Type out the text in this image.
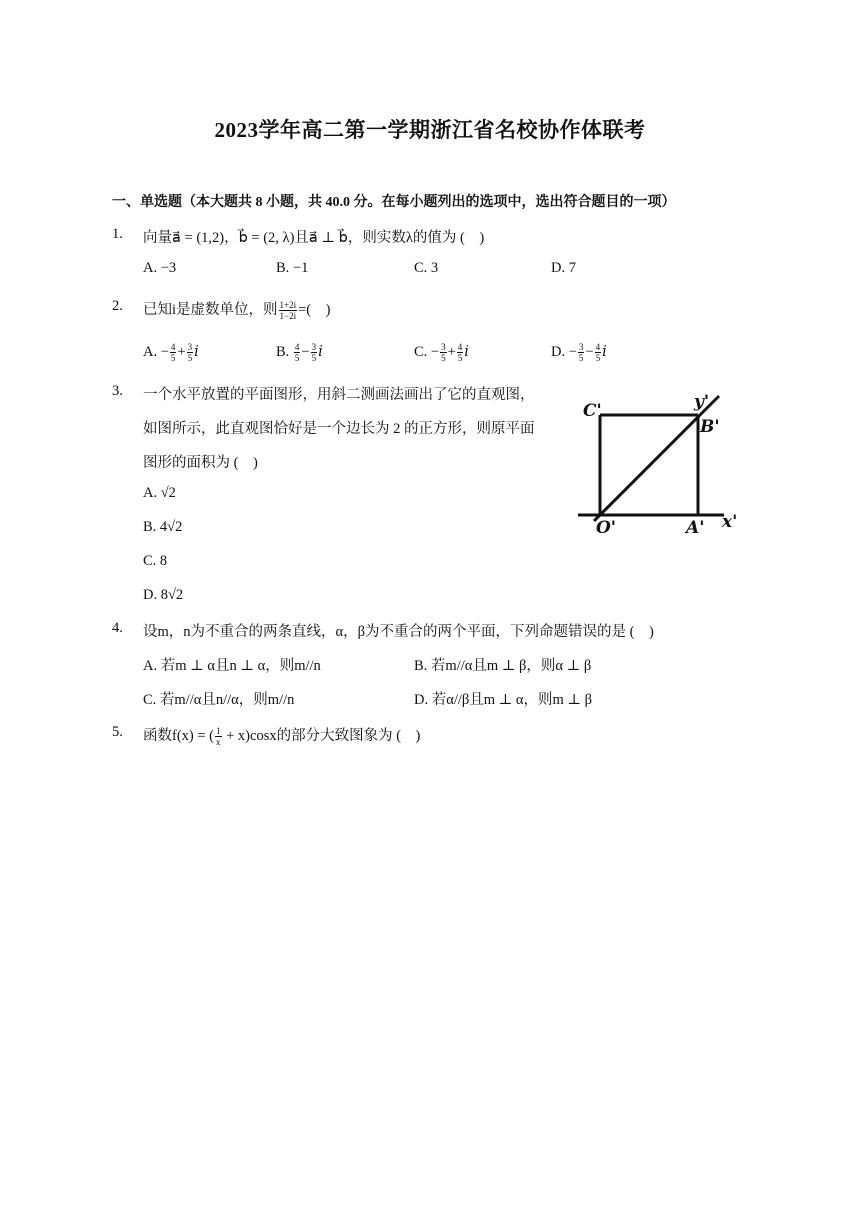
2023学年高二第一学期浙江省名校协作体联考
一、单选题（本大题共 8 小题，共 40.0 分。在每小题列出的选项中，选出符合题目的一项）
1. 向量a⃗ = (1,2)，b⃗ = (2, λ)且a⃗ ⊥ b⃗，则实数λ的值为 (　)
A. −3	B. −1	C. 3	D. 7
2. 已知i是虚数单位，则 $\frac{1+2i}{1-2i}$ =(　)
A. − $\frac{4}{5} + \frac{3}{5}$ i	B. $\frac{4}{5} - \frac{3}{5}$ i	C. − $\frac{3}{5} + \frac{4}{5}$ i	D. − $\frac{3}{5} - \frac{4}{5}$ i
3. 一个水平放置的平面图形，用斜二测画法画出了它的直观图，
如图所示，此直观图恰好是一个边长为 2 的正方形，则原平面
图形的面积为 (　)
A. √2
B. 4√2
C. 8
D. 8√2
C'	y'
B'
O'	A' x'
4. 设m，n为不重合的两条直线，α，β为不重合的两个平面，下列命题错误的是 (　)
A. 若m ⊥ α且n ⊥ α，则m//n	B. 若m//α且m ⊥ β，则α ⊥ β
C. 若m//α且n//α，则m//n	D. 若α//β且m ⊥ α，则m ⊥ β
5. 函数f(x) = ( $\frac{1}{x} + x)\cos x$的部分大致图象为 (　)
